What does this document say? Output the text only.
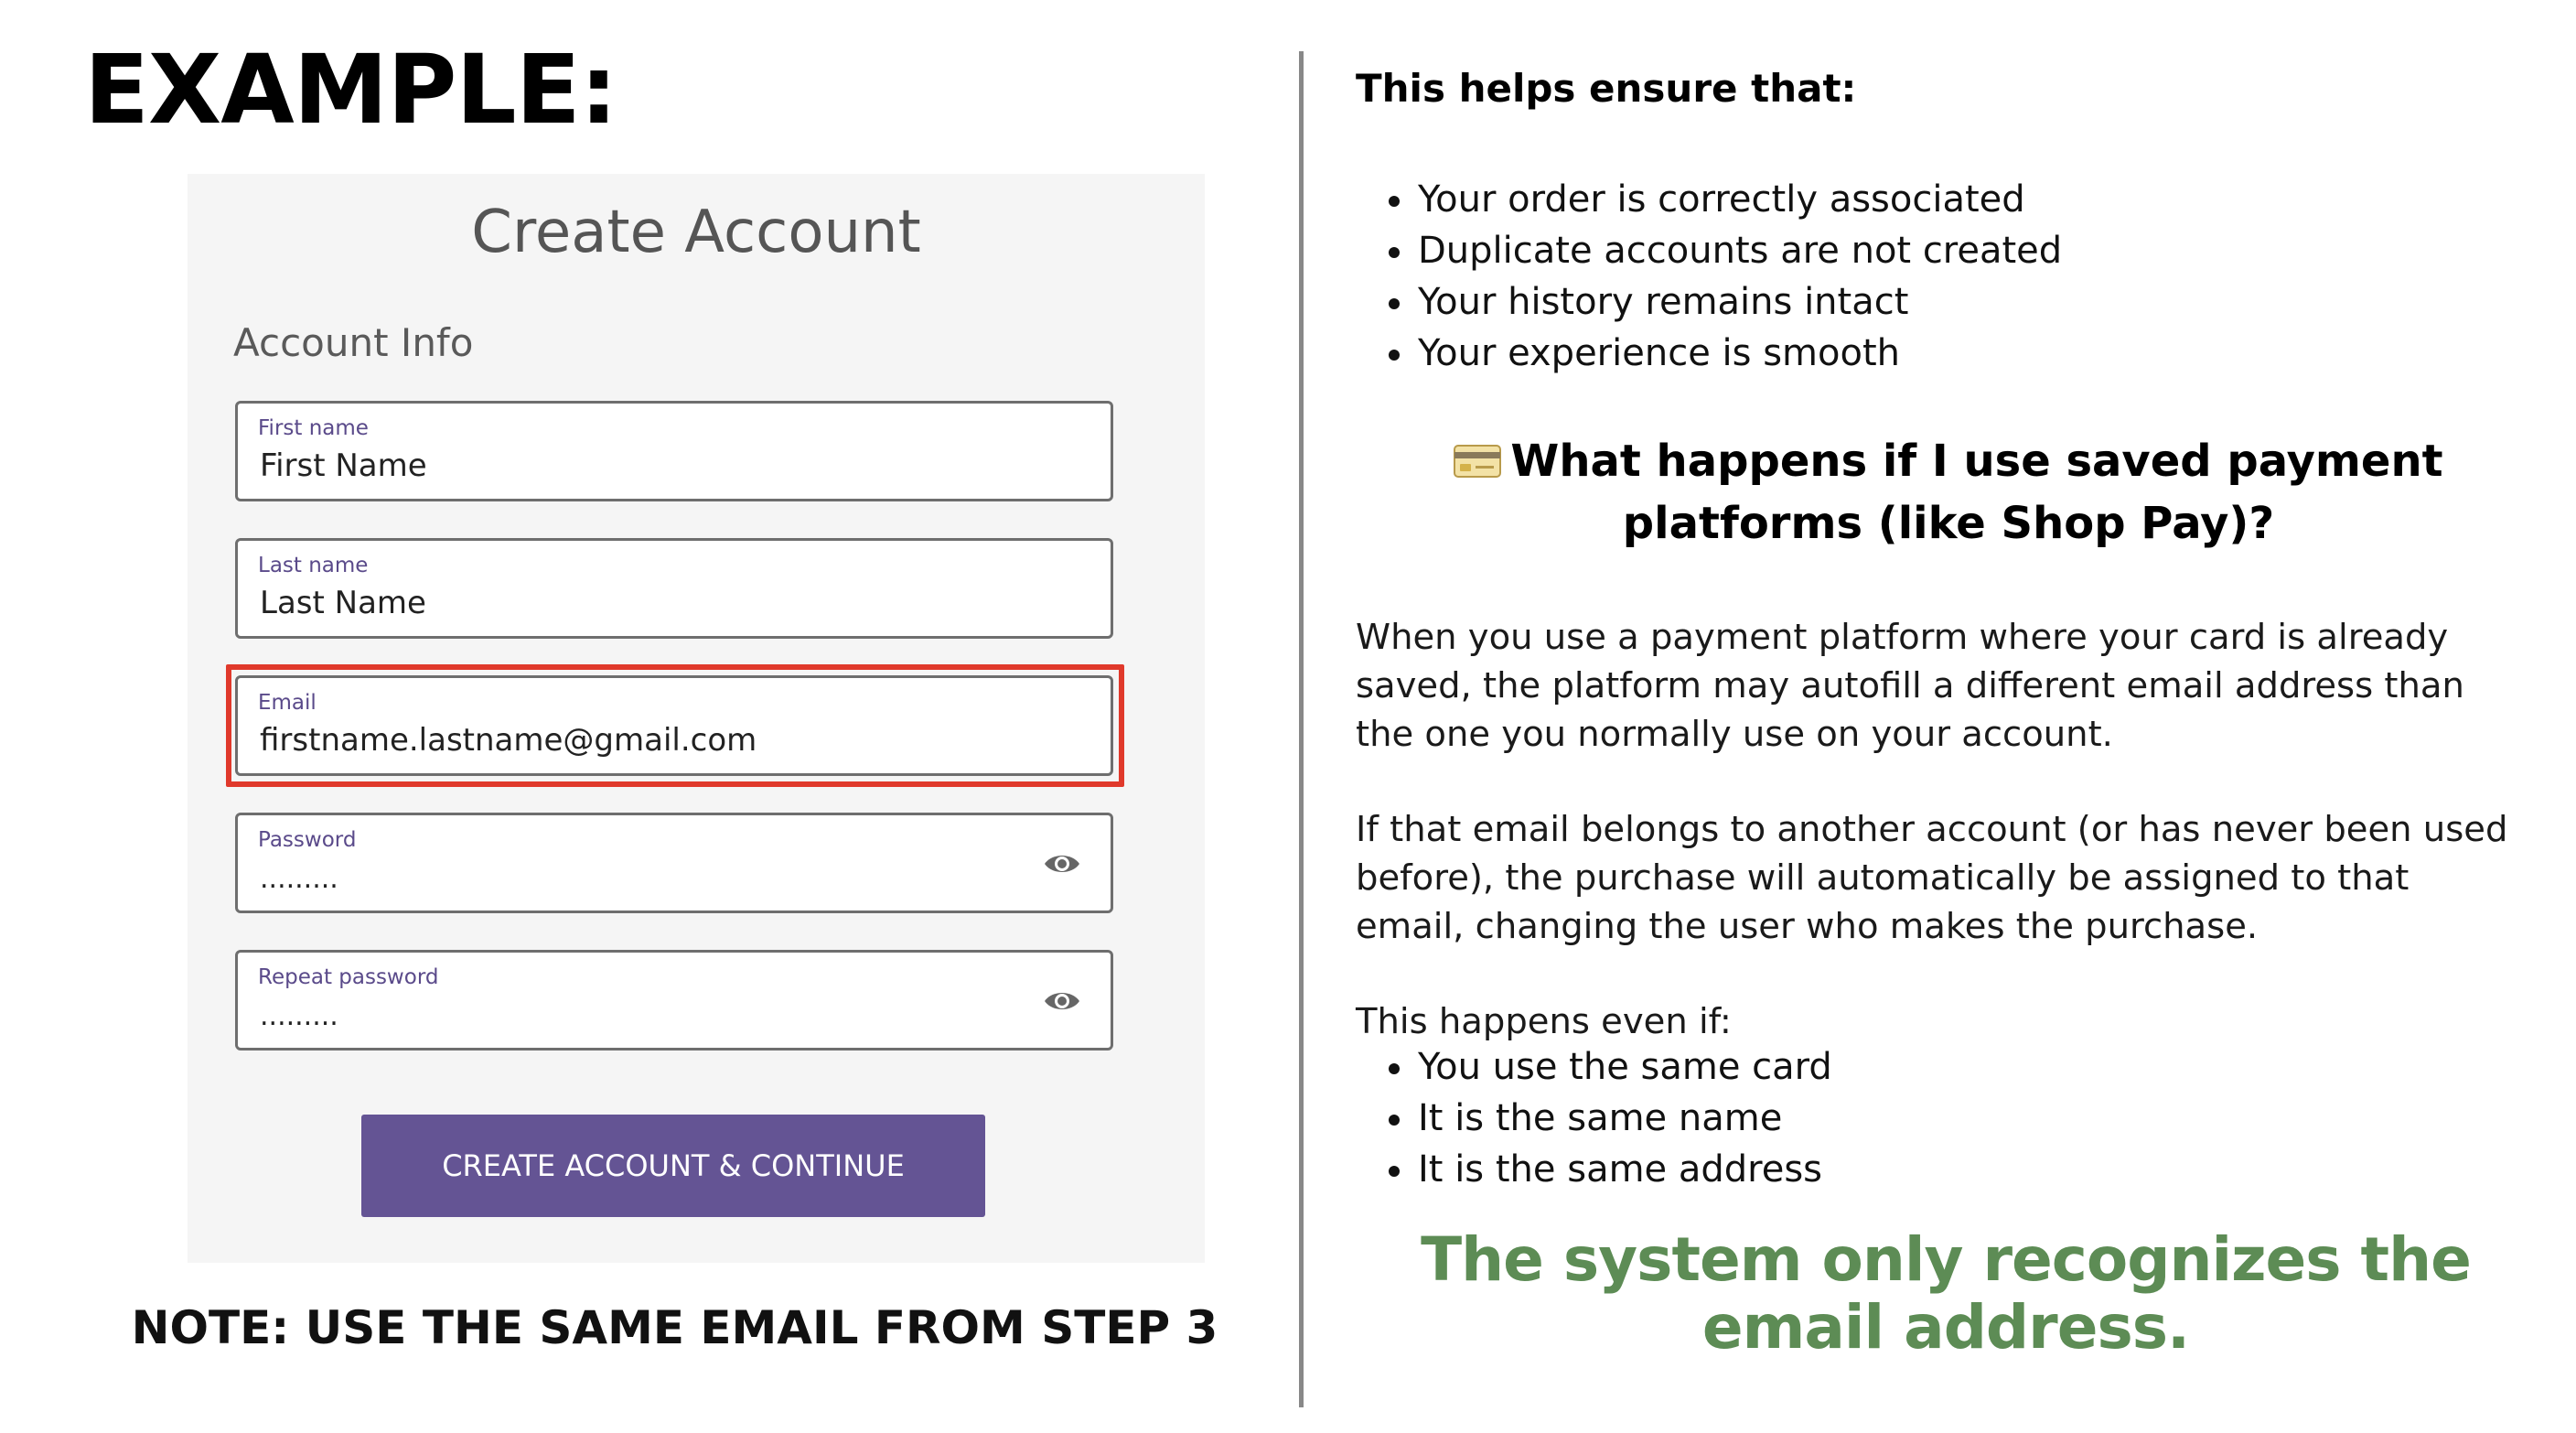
EXAMPLE:
Create Account
Account Info
First name
First Name
Last name
Last Name
Email
firstname.lastname@gmail.com
Password
.........
Repeat password
.........
CREATE ACCOUNT & CONTINUE
NOTE: USE THE SAME EMAIL FROM STEP 3
This helps ensure that:
Your order is correctly associated
Duplicate accounts are not created
Your history remains intact
Your experience is smooth
What happens if I use saved payment
platforms (like Shop Pay)?
When you use a payment platform where your card is already
saved, the platform may autofill a different email address than
the one you normally use on your account.
If that email belongs to another account (or has never been used
before), the purchase will automatically be assigned to that
email, changing the user who makes the purchase.
This happens even if:
You use the same card
It is the same name
It is the same address
The system only recognizes the
email address.
